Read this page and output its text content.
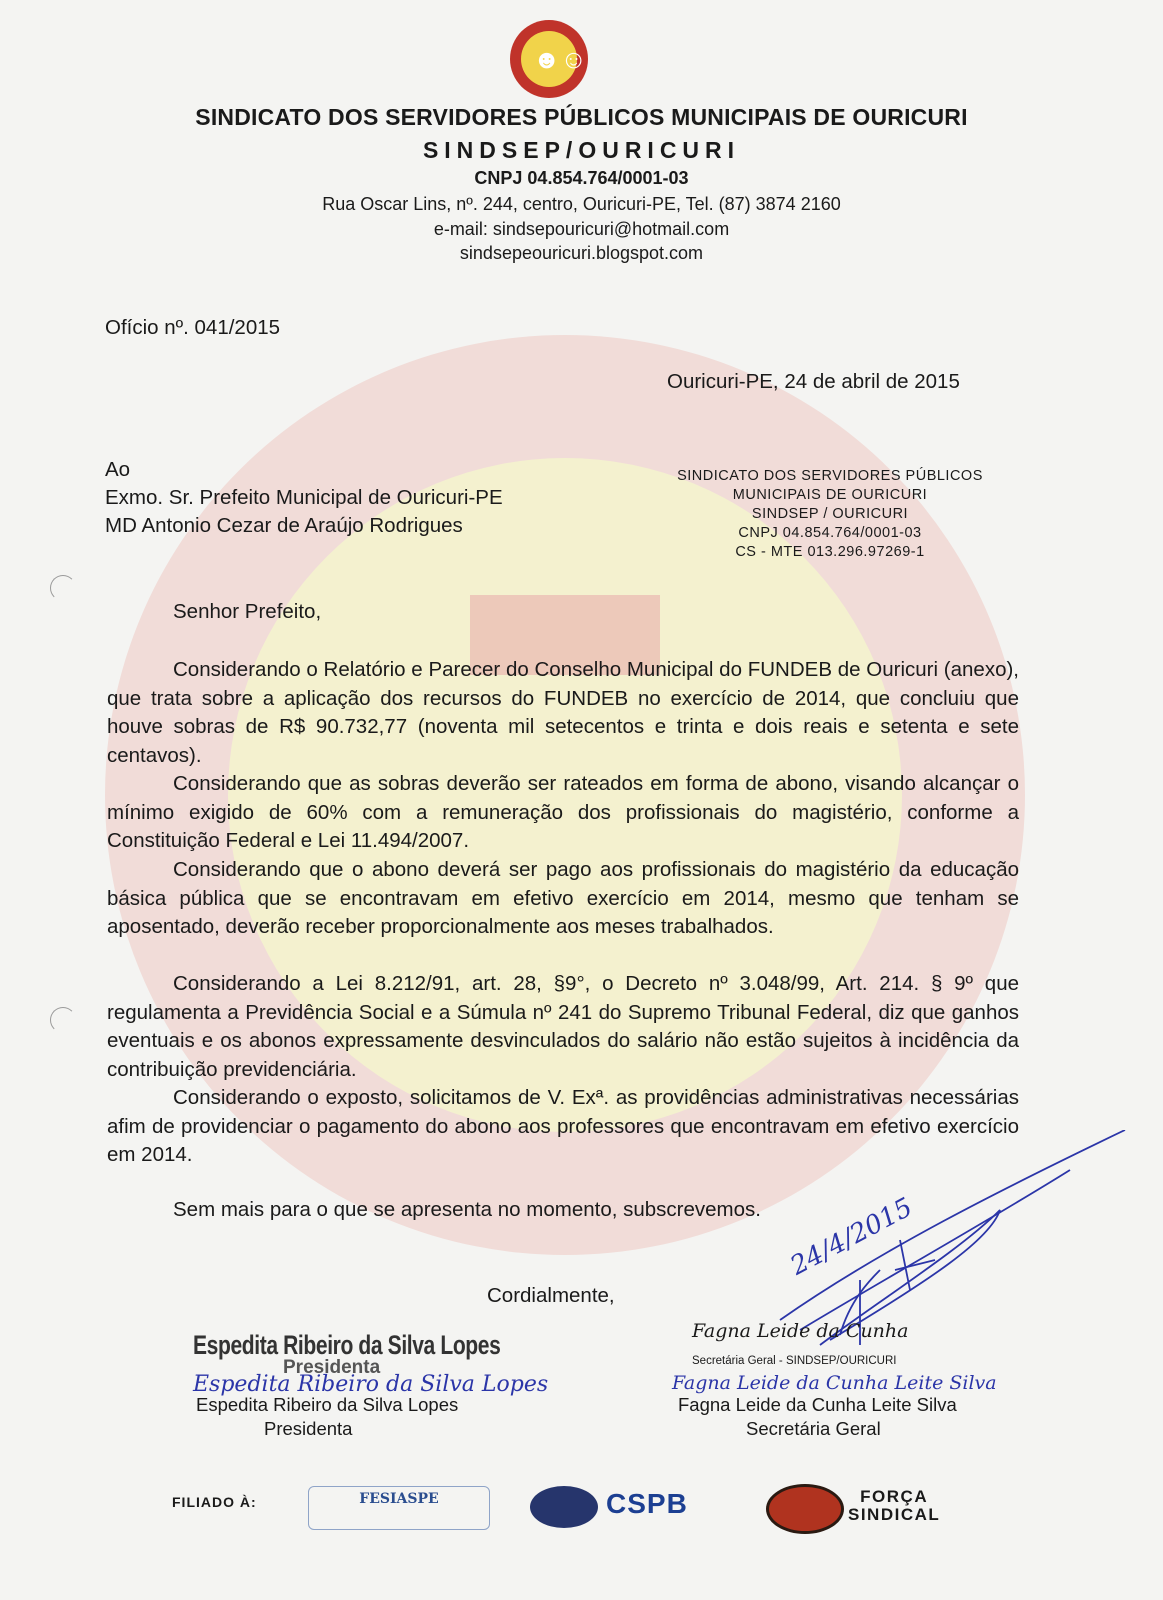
☻☺
SINDICATO DOS SERVIDORES PÚBLICOS MUNICIPAIS DE OURICURI
SINDSEP/OURICURI
CNPJ 04.854.764/0001-03
Rua Oscar Lins, nº. 244, centro, Ouricuri-PE, Tel. (87) 3874 2160
e-mail: sindsepouricuri@hotmail.com
sindsepeouricuri.blogspot.com
Ofício nº. 041/2015
Ouricuri-PE, 24 de abril de 2015
Ao
Exmo. Sr. Prefeito Municipal de Ouricuri-PE
MD Antonio Cezar de Araújo Rodrigues
SINDICATO DOS SERVIDORES PÚBLICOS
MUNICIPAIS DE OURICURI
SINDSEP / OURICURI
CNPJ 04.854.764/0001-03
CS - MTE 013.296.97269-1
Senhor Prefeito,
Considerando o Relatório e Parecer do Conselho Municipal do FUNDEB de Ouricuri (anexo), que trata sobre a aplicação dos recursos do FUNDEB no exercício de 2014, que concluiu que houve sobras de R$ 90.732,77 (noventa mil setecentos e trinta e dois reais e setenta e sete centavos).
Considerando que as sobras deverão ser rateados em forma de abono, visando alcançar o mínimo exigido de 60% com a remuneração dos profissionais do magistério, conforme a Constituição Federal e Lei 11.494/2007.
Considerando que o abono deverá ser pago aos profissionais do magistério da educação básica pública que se encontravam em efetivo exercício em 2014, mesmo que tenham se aposentado, deverão receber proporcionalmente aos meses trabalhados.
Considerando a Lei 8.212/91, art. 28, §9°, o Decreto nº 3.048/99, Art. 214. § 9º que regulamenta a Previdência Social e a Súmula nº 241 do Supremo Tribunal Federal, diz que ganhos eventuais e os abonos expressamente desvinculados do salário não estão sujeitos à incidência da contribuição previdenciária.
Considerando o exposto, solicitamos de V. Exª. as providências administrativas necessárias afim de providenciar o pagamento do abono aos professores que encontravam em efetivo exercício em 2014.
Sem mais para o que se apresenta no momento, subscrevemos.
Cordialmente,
Espedita Ribeiro da Silva Lopes
Presidenta
Espedita Ribeiro da Silva Lopes
Espedita Ribeiro da Silva Lopes
Presidenta
24/4/2015
Fagna Leide da Cunha
Secretária Geral - SINDSEP/OURICURI
Fagna Leide da Cunha Leite Silva
Fagna Leide da Cunha Leite Silva
Secretária Geral
FILIADO À:	FESIASPE	CSPB	FORÇA
SINDICAL
